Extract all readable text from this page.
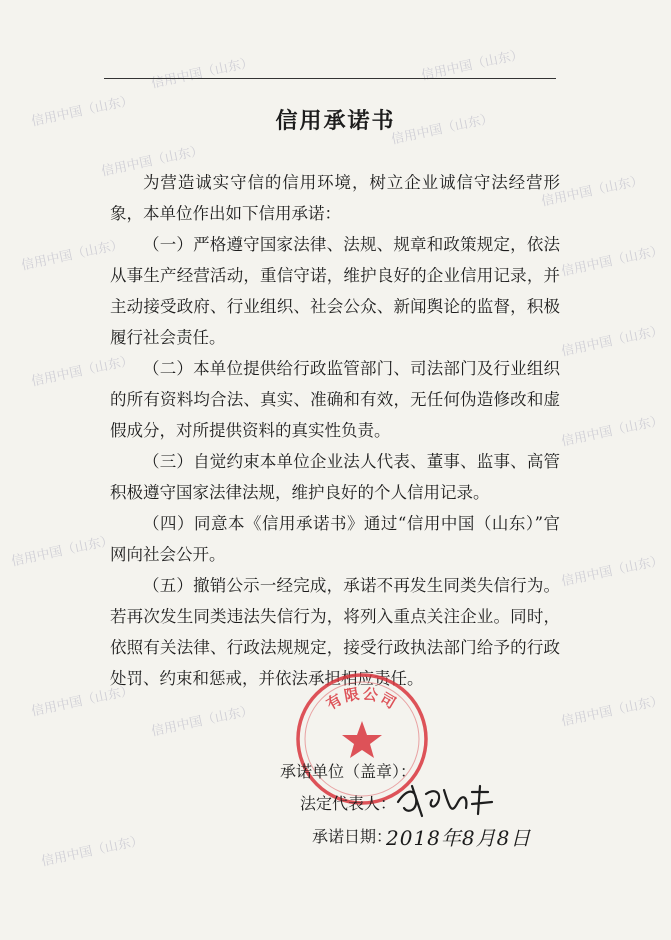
信用中国（山东）	信用中国（山东）
信用中国（山东）	信用中国（山东）
信用中国（山东）
信用中国（山东）
信用中国（山东）	信用中国（山东）
信用中国（山东）
信用中国（山东）
信用中国（山东）
信用中国（山东）
信用中国（山东）
信用中国（山东）
信用中国（山东）	信用中国（山东）
信用中国（山东）
信用承诺书

为营造诚实守信的信用环境，树立企业诚信守法经营形象，本单位作出如下信用承诺：

（一）严格遵守国家法律、法规、规章和政策规定，依法从事生产经营活动，重信守诺，维护良好的企业信用记录，并主动接受政府、行业组织、社会公众、新闻舆论的监督，积极履行社会责任。

（二）本单位提供给行政监管部门、司法部门及行业组织的所有资料均合法、真实、准确和有效，无任何伪造修改和虚假成分，对所提供资料的真实性负责。

（三）自觉约束本单位企业法人代表、董事、监事、高管积极遵守国家法律法规，维护良好的个人信用记录。

（四）同意本《信用承诺书》通过“信用中国（山东）”官网向社会公开。

（五）撤销公示一经完成，承诺不再发生同类失信行为。若再次发生同类违法失信行为，将列入重点关注企业。同时，依照有关法律、行政法规规定，接受行政执法部门给予的行政处罚、约束和惩戒，并依法承担相应责任。

有限公司
承诺单位（盖章）：
法定代表人：
承诺日期：
2018年8月8日
